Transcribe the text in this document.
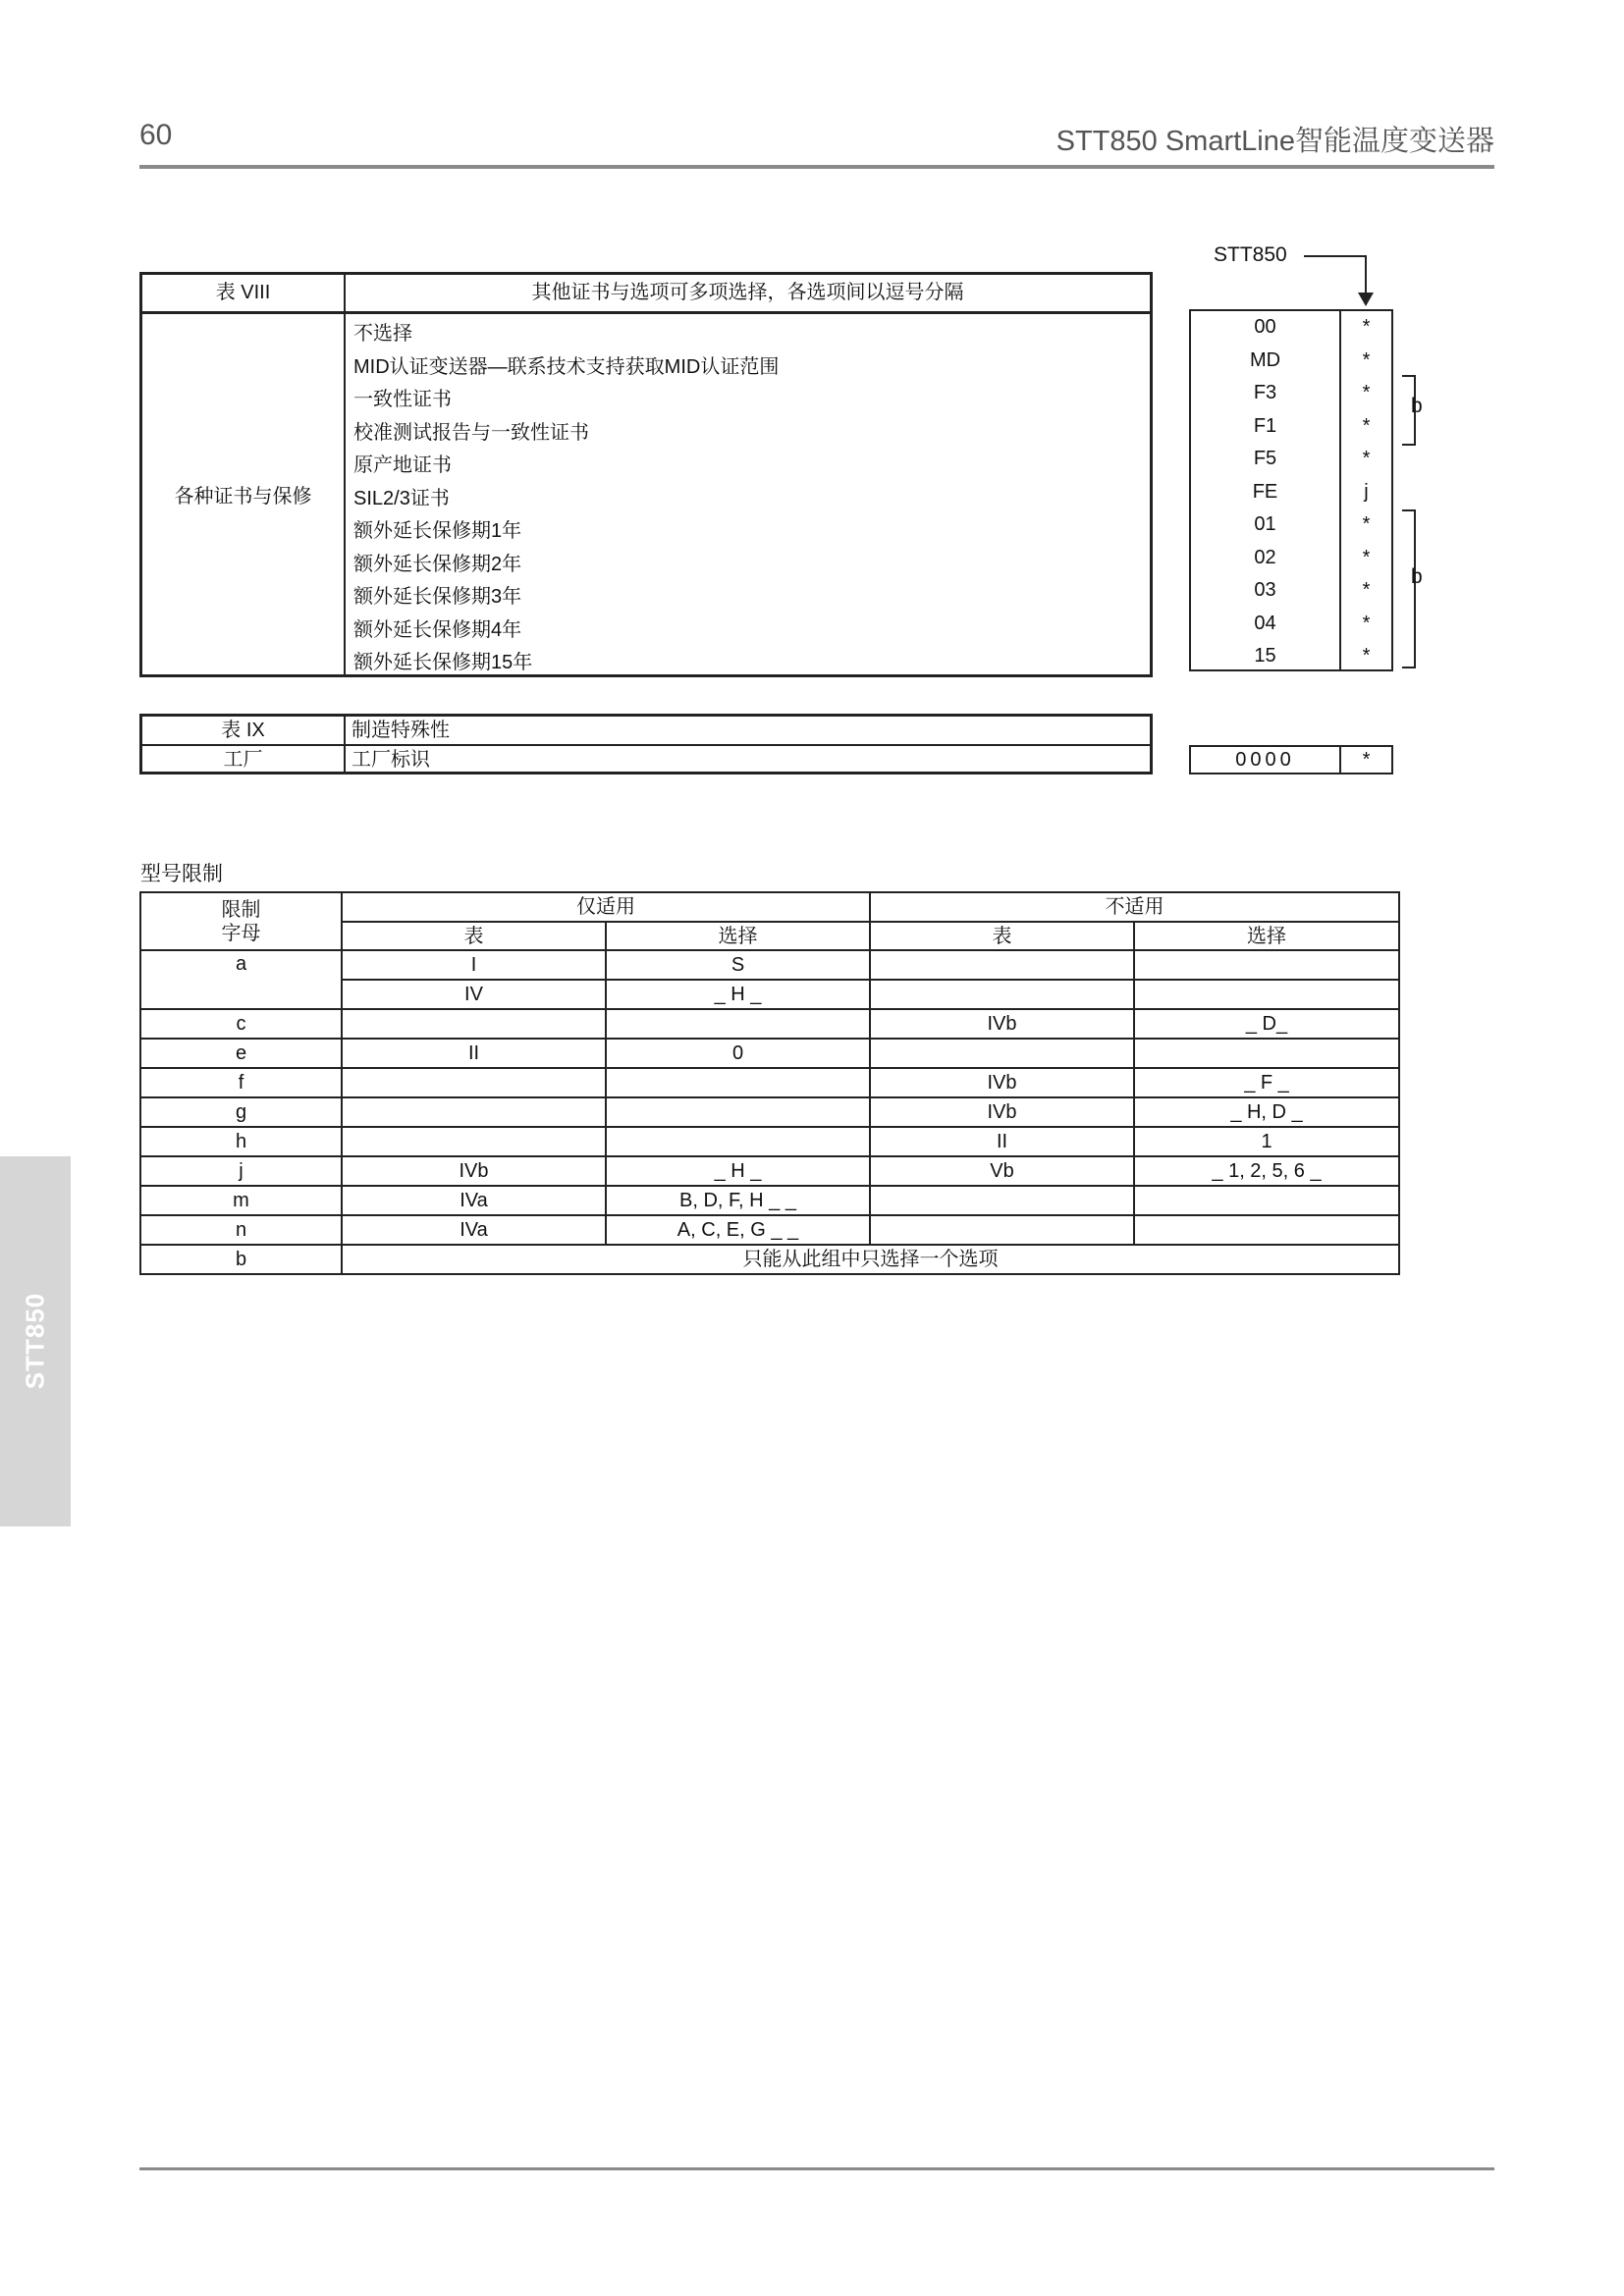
60	STT850 SmartLine智能温度变送器
STT850
STT850
表 VIII	其他证书与选项可多项选择，各选项间以逗号分隔
各种证书与保修
不选择
MID认证变送器—联系技术支持获取MID认证范围
一致性证书
校准测试报告与一致性证书
原产地证书
SIL2/3证书
额外延长保修期1年
额外延长保修期2年
额外延长保修期3年
额外延长保修期4年
额外延长保修期15年
00	*
MD	*
F3	*
F1	*
F5	*
FE	j
01	*
02	*
03	*
04	*
15	*
b
b
表 IX	制造特殊性
工厂	工厂标识	0000	*
型号限制
限制
字母	仅适用		不适用	
	表	选择	表	选择
a	I	S		
	IV	_ H _		
c			IVb	_ D_
e	II	0		
f			IVb	_ F _
g			IVb	_ H, D _
h			II	1
j	IVb	_ H _	Vb	_ 1, 2, 5, 6 _
m	IVa	B, D, F, H _ _		
n	IVa	A, C, E, G _ _		
b	只能从此组中只选择一个选项			
